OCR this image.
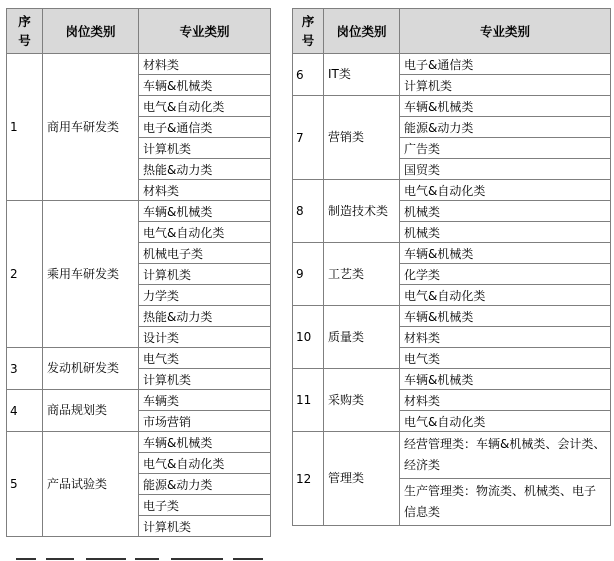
序
号	岗位类别	专业类别
1	商用车研发类	材料类
		车辆&机械类
		电气&自动化类
		电子&通信类
		计算机类
		热能&动力类
		材料类
2	乘用车研发类	车辆&机械类
		电气&自动化类
		机械电子类
		计算机类
		力学类
		热能&动力类
		设计类
3	发动机研发类	电气类
		计算机类
4	商品规划类	车辆类
		市场营销
5	产品试验类	车辆&机械类
		电气&自动化类
		能源&动力类
		电子类
		计算机类
序
号	岗位类别	专业类别
6	IT类	电子&通信类
		计算机类
7	营销类	车辆&机械类
		能源&动力类
		广告类
		国贸类
8	制造技术类	电气&自动化类
		机械类
		机械类
9	工艺类	车辆&机械类
		化学类
		电气&自动化类
10	质量类	车辆&机械类
		材料类
		电气类
11	采购类	车辆&机械类
		材料类
		电气&自动化类
12	管理类	经营管理类：车辆&机械类、会计类、经济类
		生产管理类：物流类、机械类、电子信息类
